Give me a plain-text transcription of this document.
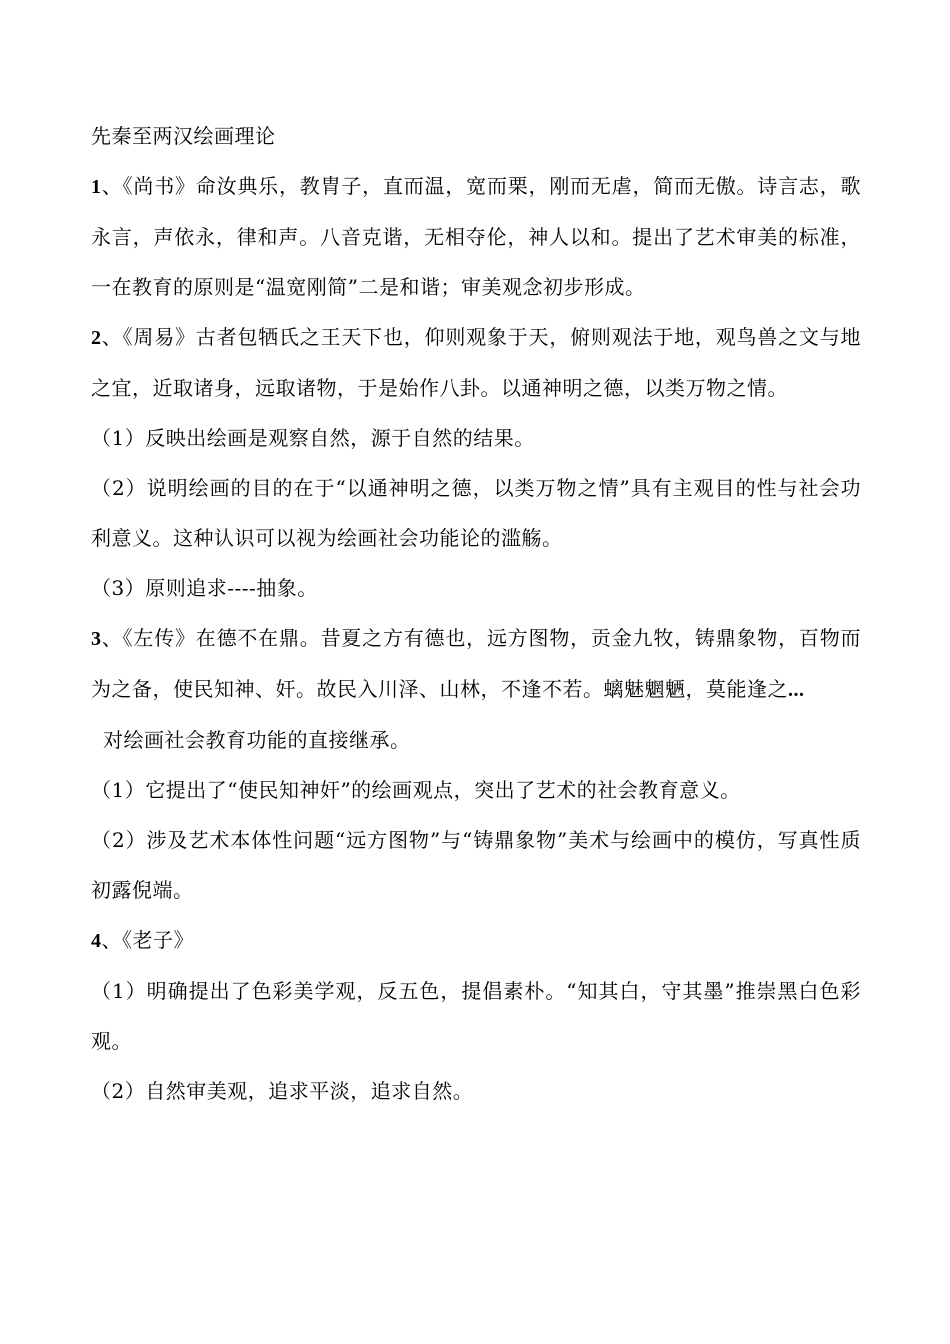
先秦至两汉绘画理论

1、《尚书》命汝典乐，教胄子，直而温，宽而栗，刚而无虐，简而无傲。诗言志，歌永言，声依永，律和声。八音克谐，无相夺伦，神人以和。提出了艺术审美的标准，一在教育的原则是“温宽刚简”二是和谐；审美观念初步形成。

2、《周易》古者包牺氏之王天下也，仰则观象于天，俯则观法于地，观鸟兽之文与地之宜，近取诸身，远取诸物，于是始作八卦。以通神明之德，以类万物之情。

（1）反映出绘画是观察自然，源于自然的结果。

（2）说明绘画的目的在于“以通神明之德，以类万物之情”具有主观目的性与社会功利意义。这种认识可以视为绘画社会功能论的滥觞。

（3）原则追求----抽象。

3、《左传》在德不在鼎。昔夏之方有德也，远方图物，贡金九牧，铸鼎象物，百物而为之备，使民知神、奸。故民入川泽、山林，不逢不若。螭魅魍魉，莫能逢之...

对绘画社会教育功能的直接继承。

（1）它提出了“使民知神奸”的绘画观点，突出了艺术的社会教育意义。

（2）涉及艺术本体性问题“远方图物”与“铸鼎象物”美术与绘画中的模仿，写真性质初露倪端。

4、《老子》

（1）明确提出了色彩美学观，反五色，提倡素朴。“知其白，守其墨”推崇黑白色彩观。

（2）自然审美观，追求平淡，追求自然。
